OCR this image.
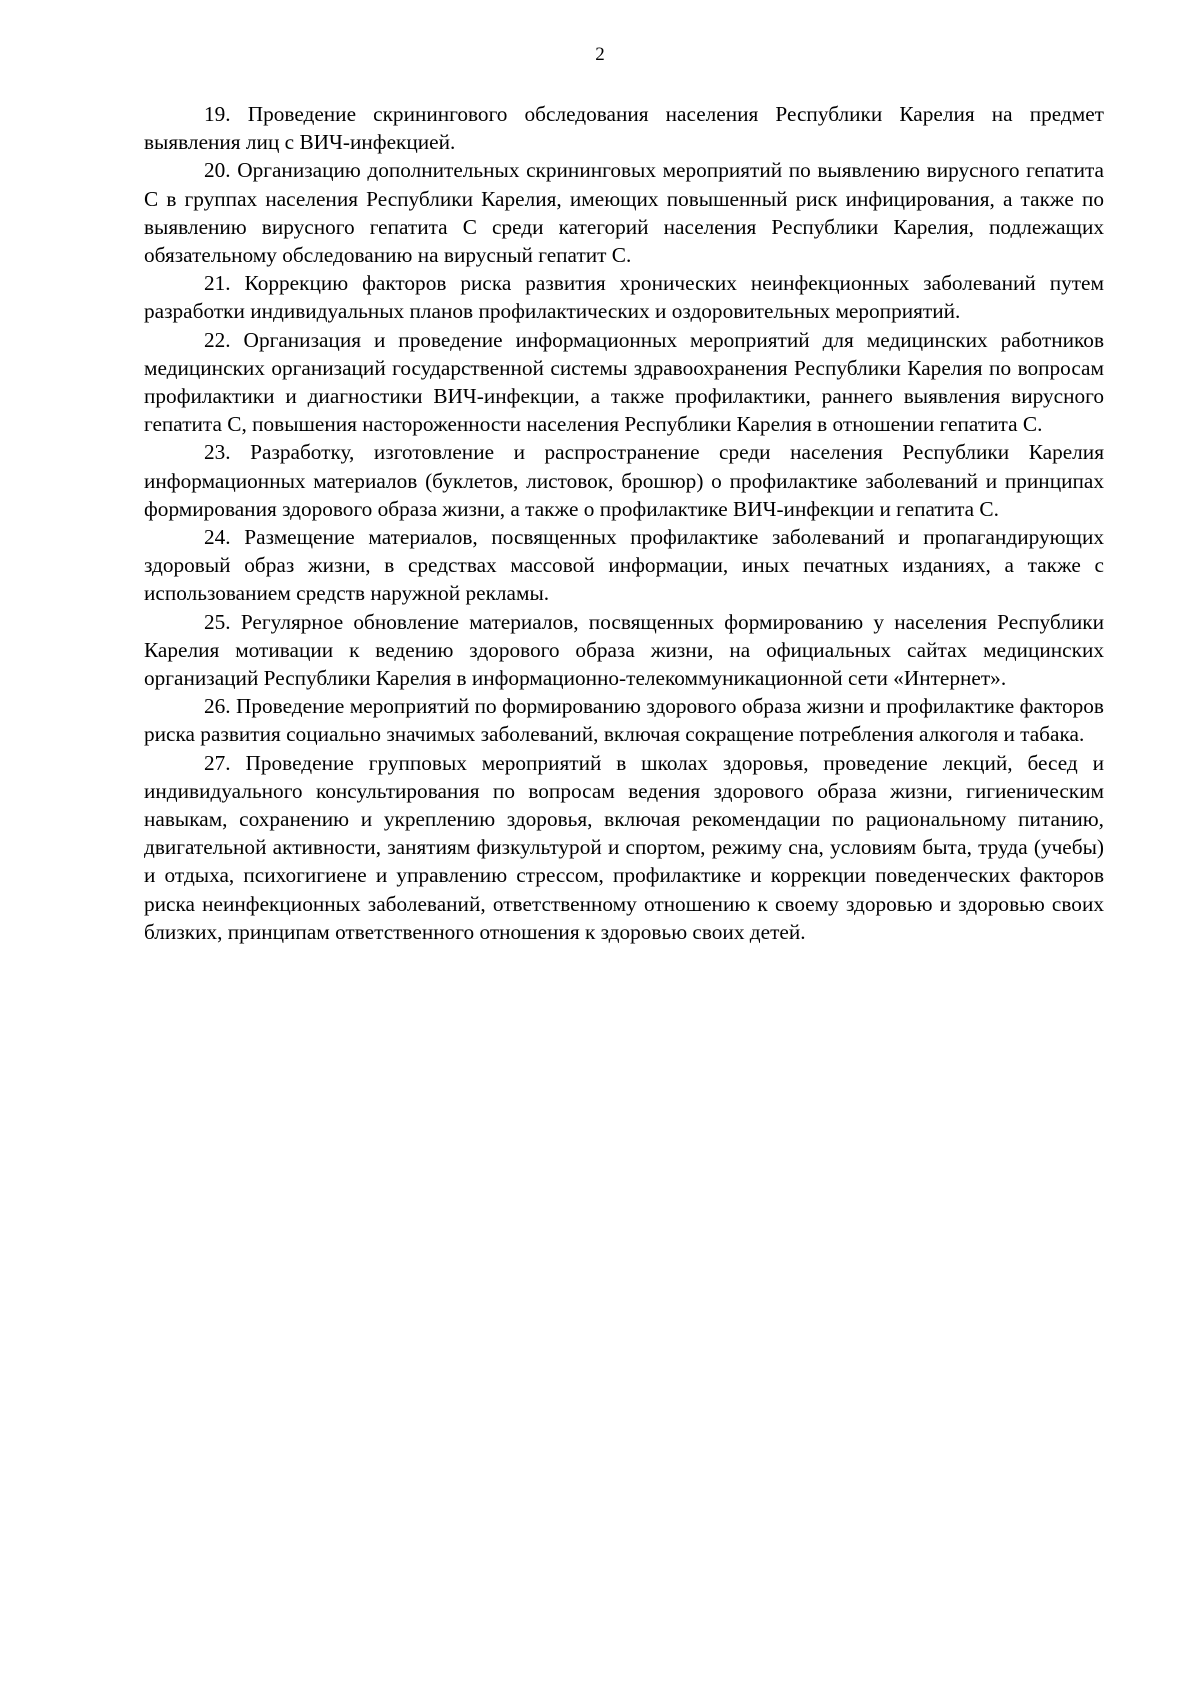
2

19. Проведение скринингового обследования населения Республики Карелия на предмет выявления лиц с ВИЧ-инфекцией.

20. Организацию дополнительных скрининговых мероприятий по выявлению вирусного гепатита С в группах населения Республики Карелия, имеющих повышенный риск инфицирования, а также по выявлению вирусного гепатита С среди категорий населения Республики Карелия, подлежащих обязательному обследованию на вирусный гепатит С.

21. Коррекцию факторов риска развития хронических неинфекционных заболеваний путем разработки индивидуальных планов профилактических и оздоровительных мероприятий.

22. Организация и проведение информационных мероприятий для медицинских работников медицинских организаций государственной системы здравоохранения Республики Карелия по вопросам профилактики и диагностики ВИЧ-инфекции, а также профилактики, раннего выявления вирусного гепатита С, повышения настороженности населения Республики Карелия в отношении гепатита С.

23. Разработку, изготовление и распространение среди населения Республики Карелия информационных материалов (буклетов, листовок, брошюр) о профилактике заболеваний и принципах формирования здорового образа жизни, а также о профилактике ВИЧ-инфекции и гепатита С.

24. Размещение материалов, посвященных профилактике заболеваний и пропагандирующих здоровый образ жизни, в средствах массовой информации, иных печатных изданиях, а также с использованием средств наружной рекламы.

25. Регулярное обновление материалов, посвященных формированию у населения Республики Карелия мотивации к ведению здорового образа жизни, на официальных сайтах медицинских организаций Республики Карелия в информационно-телекоммуникационной сети «Интернет».

26. Проведение мероприятий по формированию здорового образа жизни и профилактике факторов риска развития социально значимых заболеваний, включая сокращение потребления алкоголя и табака.

27. Проведение групповых мероприятий в школах здоровья, проведение лекций, бесед и индивидуального консультирования по вопросам ведения здорового образа жизни, гигиеническим навыкам, сохранению и укреплению здоровья, включая рекомендации по рациональному питанию, двигательной активности, занятиям физкультурой и спортом, режиму сна, условиям быта, труда (учебы) и отдыха, психогигиене и управлению стрессом, профилактике и коррекции поведенческих факторов риска неинфекционных заболеваний, ответственному отношению к своему здоровью и здоровью своих близких, принципам ответственного отношения к здоровью своих детей.
